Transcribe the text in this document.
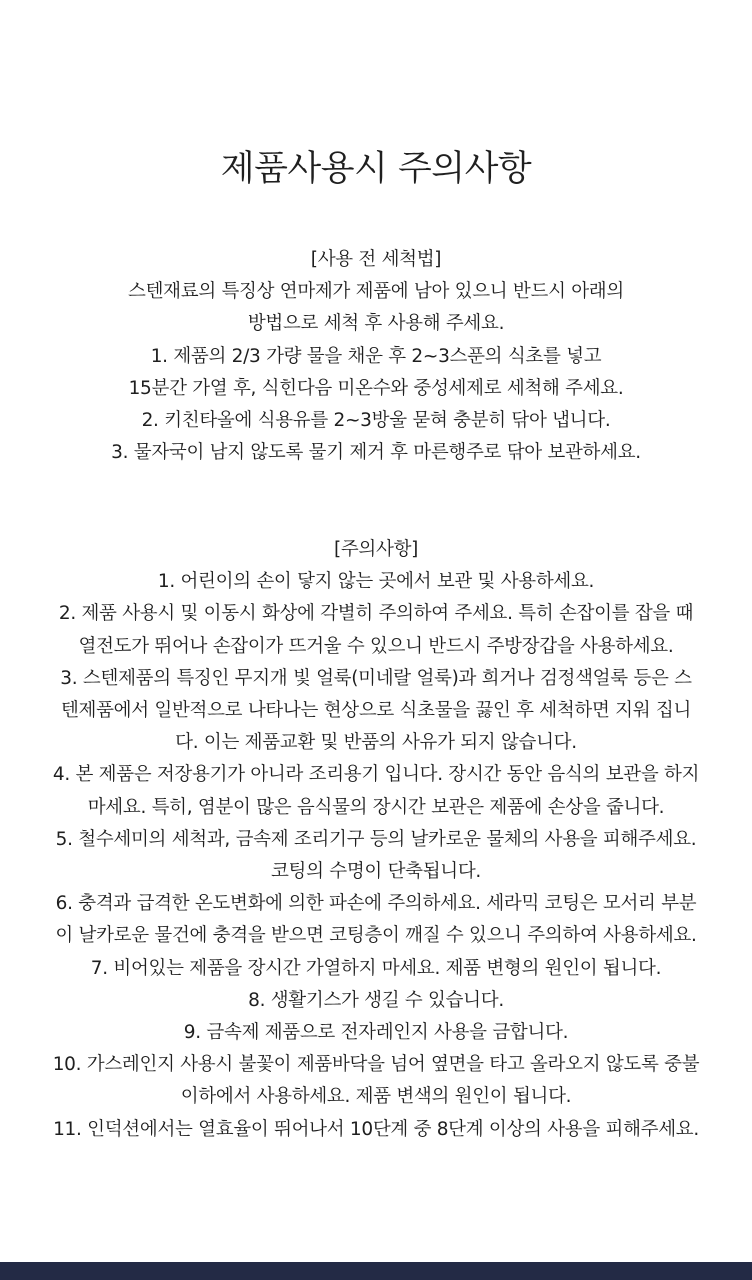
제품사용시 주의사항
[사용 전 세척법]
스텐재료의 특징상 연마제가 제품에 남아 있으니 반드시 아래의
방법으로 세척 후 사용해 주세요.
1. 제품의 2/3 가량 물을 채운 후 2~3스푼의 식초를 넣고
15분간 가열 후, 식힌다음 미온수와 중성세제로 세척해 주세요.
2. 키친타올에 식용유를 2~3방울 묻혀 충분히 닦아 냅니다.
3. 물자국이 남지 않도록 물기 제거 후 마른행주로 닦아 보관하세요.
[주의사항]
1. 어린이의 손이 닿지 않는 곳에서 보관 및 사용하세요.
2. 제품 사용시 및 이동시 화상에 각별히 주의하여 주세요. 특히 손잡이를 잡을 때
열전도가 뛰어나 손잡이가 뜨거울 수 있으니 반드시 주방장갑을 사용하세요.
3. 스텐제품의 특징인 무지개 빛 얼룩(미네랄 얼룩)과 희거나 검정색얼룩 등은 스
텐제품에서 일반적으로 나타나는 현상으로 식초물을 끓인 후 세척하면 지워 집니
다. 이는 제품교환 및 반품의 사유가 되지 않습니다.
4. 본 제품은 저장용기가 아니라 조리용기 입니다. 장시간 동안 음식의 보관을 하지
마세요. 특히, 염분이 많은 음식물의 장시간 보관은 제품에 손상을 줍니다.
5. 철수세미의 세척과, 금속제 조리기구 등의 날카로운 물체의 사용을 피해주세요.
코팅의 수명이 단축됩니다.
6. 충격과 급격한 온도변화에 의한 파손에 주의하세요. 세라믹 코팅은 모서리 부분
이 날카로운 물건에 충격을 받으면 코팅층이 깨질 수 있으니 주의하여 사용하세요.
7. 비어있는 제품을 장시간 가열하지 마세요. 제품 변형의 원인이 됩니다.
8. 생활기스가 생길 수 있습니다.
9. 금속제 제품으로 전자레인지 사용을 금합니다.
10. 가스레인지 사용시 불꽃이 제품바닥을 넘어 옆면을 타고 올라오지 않도록 중불
이하에서 사용하세요. 제품 변색의 원인이 됩니다.
11. 인덕션에서는 열효율이 뛰어나서 10단계 중 8단계 이상의 사용을 피해주세요.
